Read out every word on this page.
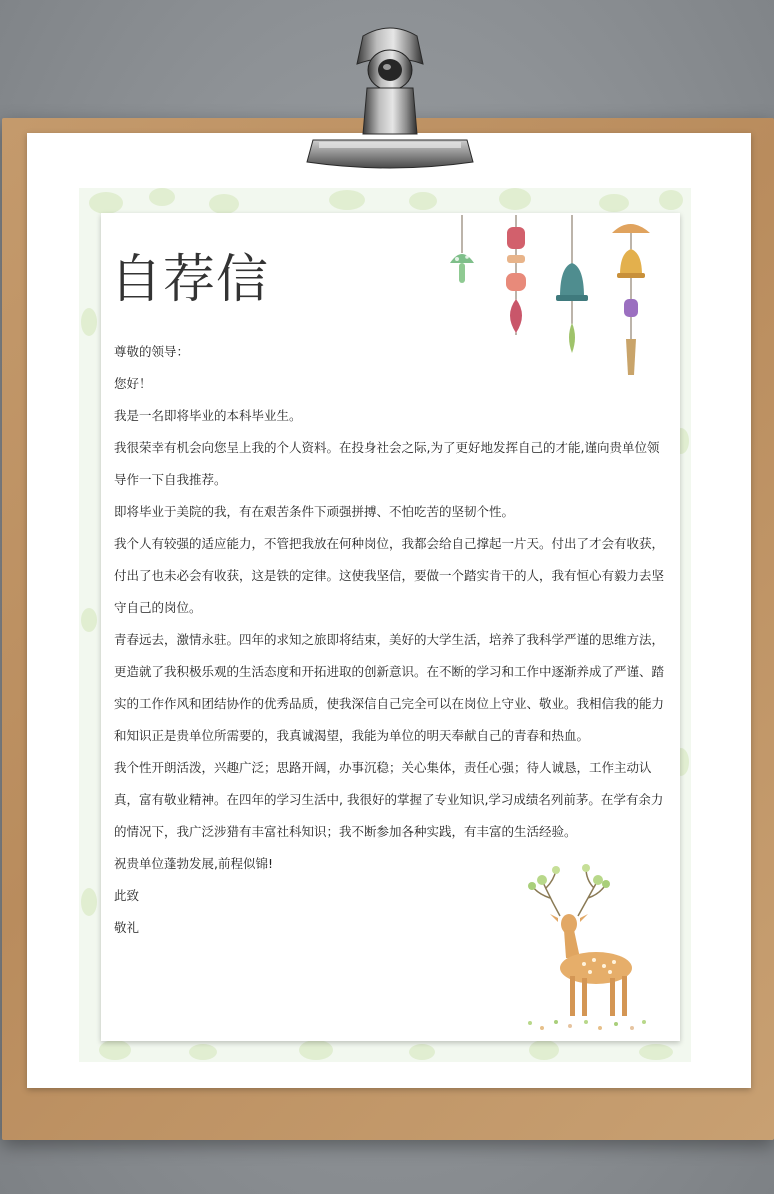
自荐信

尊敬的领导：

您好！

我是一名即将毕业的本科毕业生。

我很荣幸有机会向您呈上我的个人资料。在投身社会之际,为了更好地发挥自己的才能,谨向贵单位领导作一下自我推荐。

即将毕业于美院的我，有在艰苦条件下顽强拼搏、不怕吃苦的坚韧个性。

我个人有较强的适应能力，不管把我放在何种岗位，我都会给自己撑起一片天。付出了才会有收获，付出了也未必会有收获，这是铁的定律。这使我坚信，要做一个踏实肯干的人，我有恒心有毅力去坚守自己的岗位。

青春远去，激情永驻。四年的求知之旅即将结束，美好的大学生活，培养了我科学严谨的思维方法，更造就了我积极乐观的生活态度和开拓进取的创新意识。在不断的学习和工作中逐渐养成了严谨、踏实的工作作风和团结协作的优秀品质，使我深信自己完全可以在岗位上守业、敬业。我相信我的能力和知识正是贵单位所需要的，我真诚渴望，我能为单位的明天奉献自己的青春和热血。

我个性开朗活泼，兴趣广泛；思路开阔，办事沉稳；关心集体，责任心强；待人诚恳，工作主动认真，富有敬业精神。在四年的学习生活中, 我很好的掌握了专业知识,学习成绩名列前茅。在学有余力的情况下，我广泛涉猎有丰富社科知识；我不断参加各种实践，有丰富的生活经验。

祝贵单位蓬勃发展,前程似锦!

此致

敬礼
